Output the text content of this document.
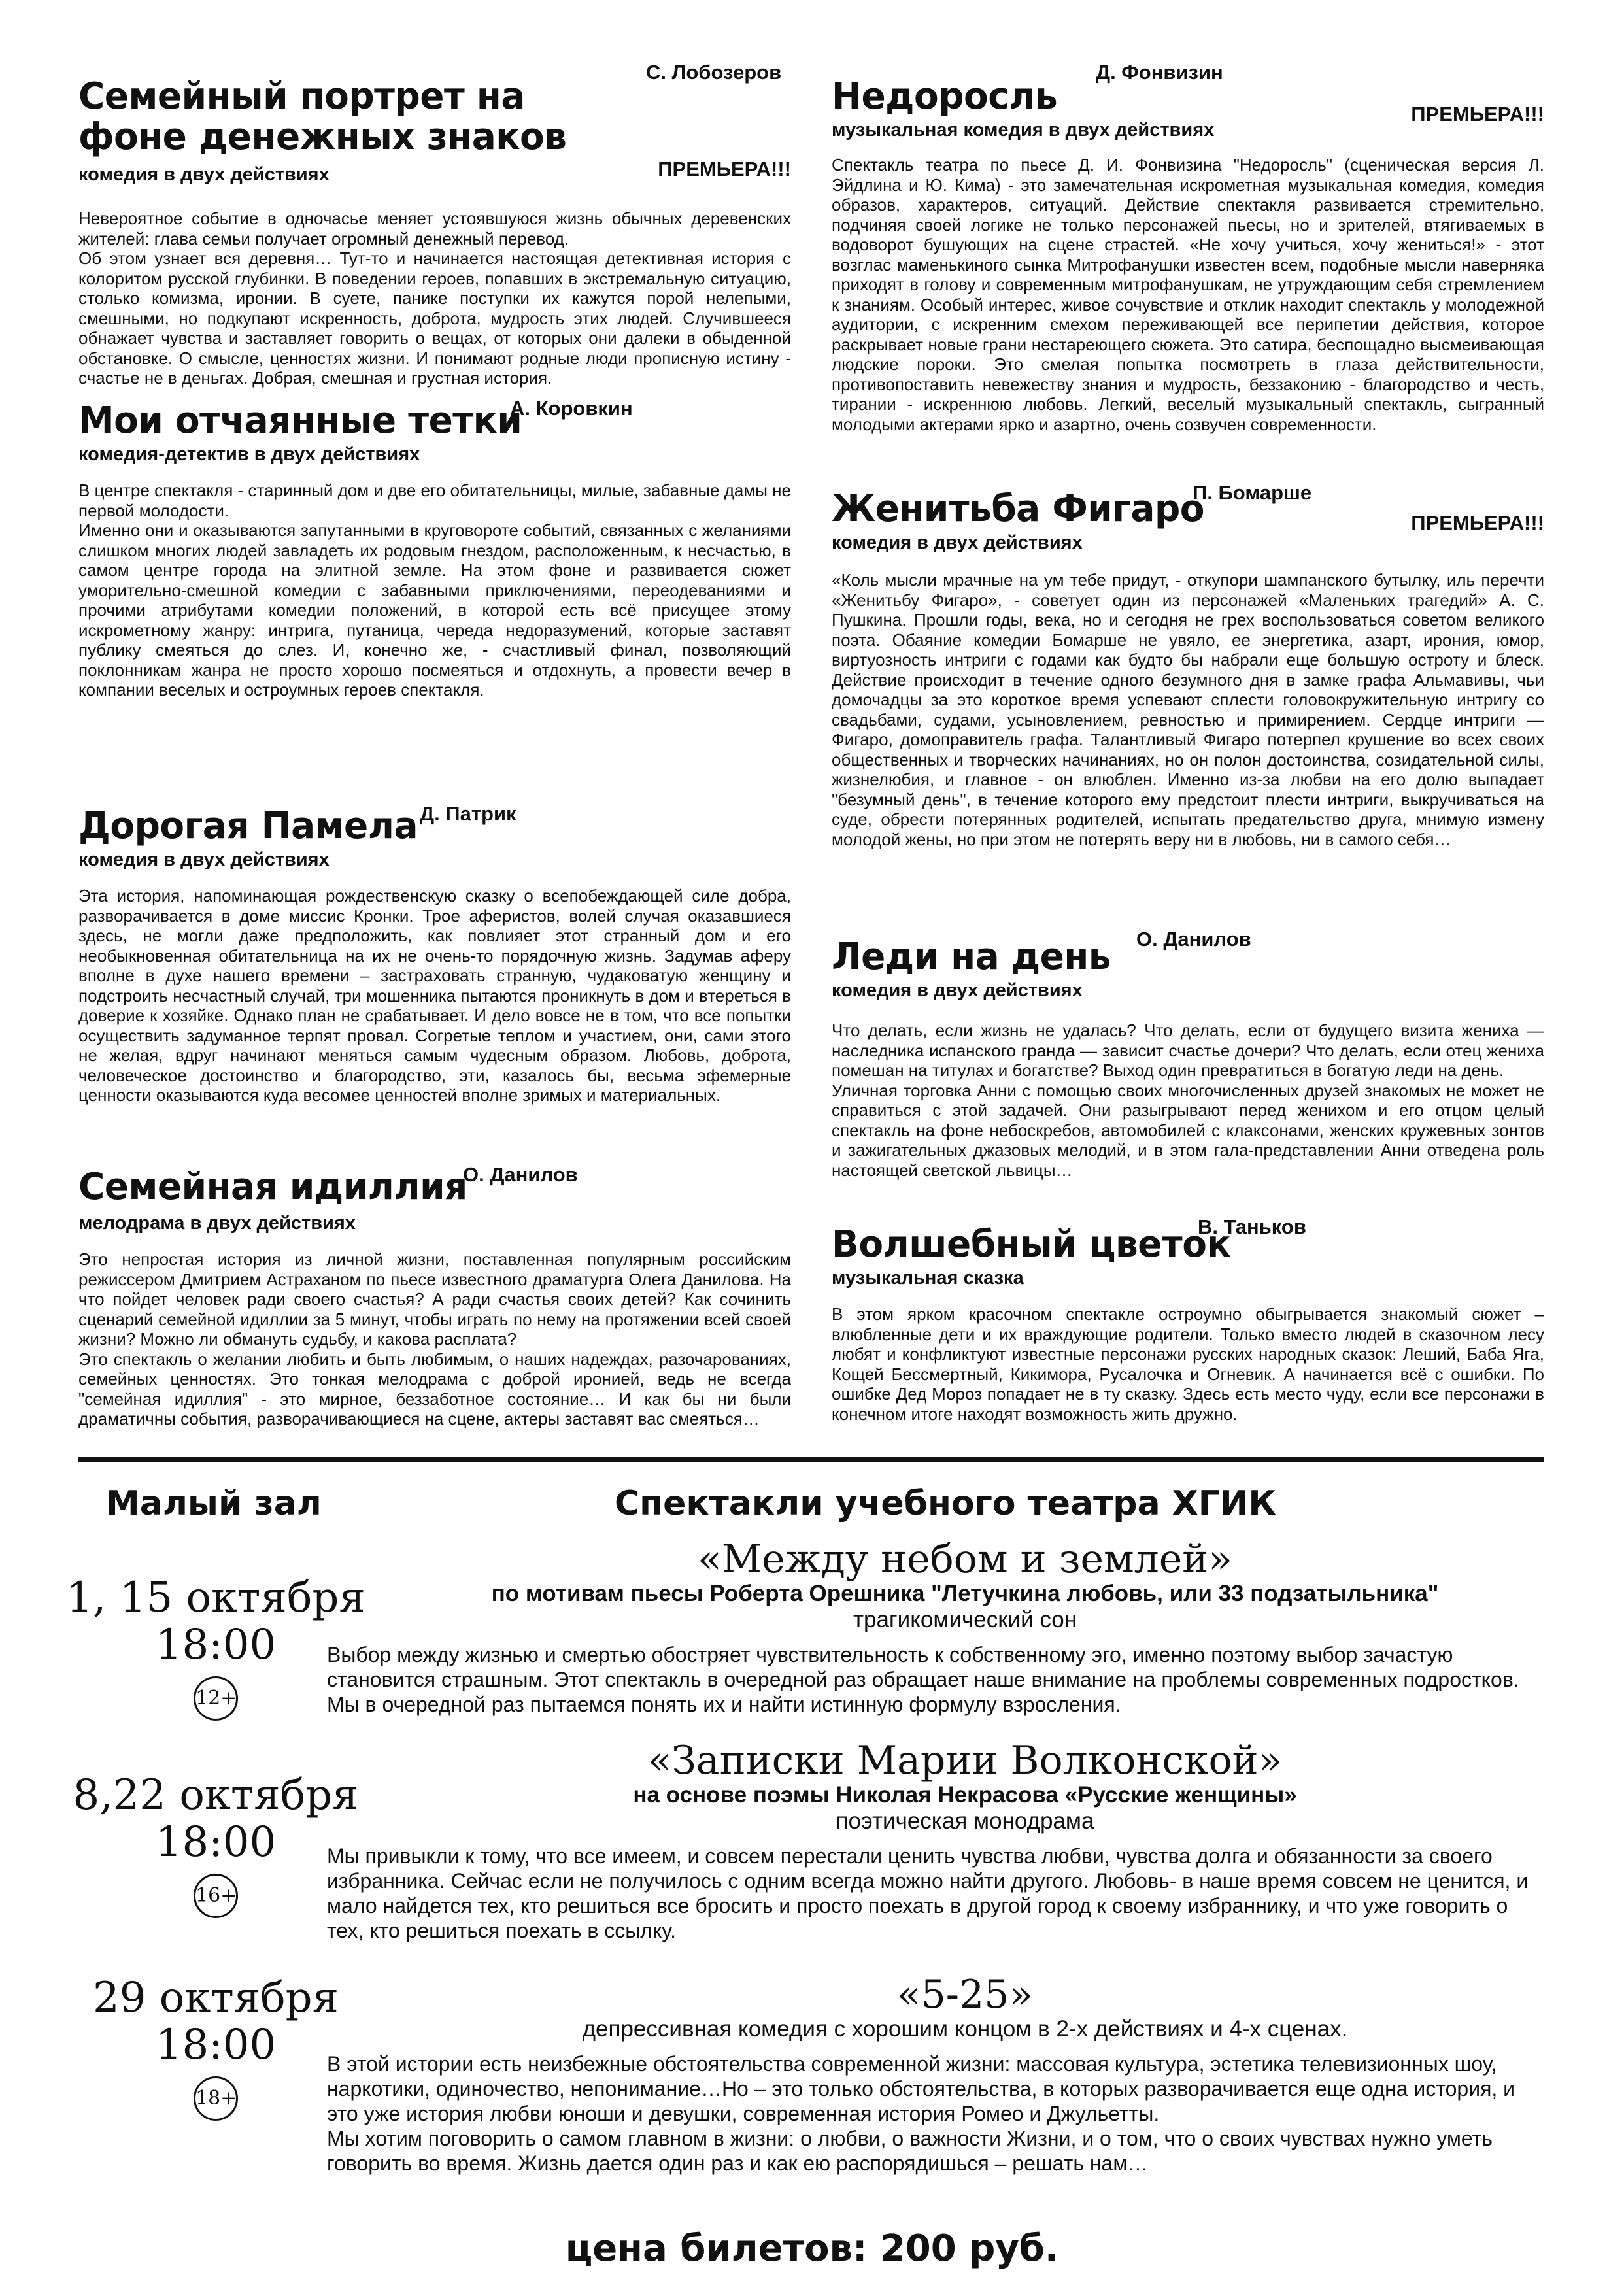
С. Лобозеров
Семейный портрет на фоне денежных знаков
комедия в двух действиях	ПРЕМЬЕРА!!!

Невероятное событие в одночасье меняет устоявшуюся жизнь обычных деревенских жителей: глава семьи получает огромный денежный перевод.

Об этом узнает вся деревня… Тут-то и начинается настоящая детективная история с колоритом русской глубинки. В поведении героев, попавших в экстремальную ситуацию, столько комизма, иронии. В суете, панике поступки их кажутся порой нелепыми, смешными, но подкупают искренность, доброта, мудрость этих людей. Случившееся обнажает чувства и заставляет говорить о вещах, от которых они далеки в обыденной обстановке. О смысле, ценностях жизни. И понимают родные люди прописную истину - счастье не в деньгах. Добрая, смешная и грустная история.

А. Коровкин
Мои отчаянные тетки
комедия-детектив в двух действиях

В центре спектакля - старинный дом и две его обитательницы, милые, забавные дамы не первой молодости.

Именно они и оказываются запутанными в круговороте событий, связанных с желаниями слишком многих людей завладеть их родовым гнездом, расположенным, к несчастью, в самом центре города на элитной земле. На этом фоне и развивается сюжет уморительно-смешной комедии с забавными приключениями, переодеваниями и прочими атрибутами комедии положений, в которой есть всё присущее этому искрометному жанру: интрига, путаница, череда недоразумений, которые заставят публику смеяться до слез. И, конечно же, - счастливый финал, позволяющий поклонникам жанра не просто хорошо посмеяться и отдохнуть, а провести вечер в компании веселых и остроумных героев спектакля.

Д. Патрик
Дорогая Памела
комедия в двух действиях

Эта история, напоминающая рождественскую сказку о всепобеждающей силе добра, разворачивается в доме миссис Кронки. Трое аферистов, волей случая оказавшиеся здесь, не могли даже предположить, как повлияет этот странный дом и его необыкновенная обитательница на их не очень-то порядочную жизнь. Задумав аферу вполне в духе нашего времени – застраховать странную, чудаковатую женщину и подстроить несчастный случай, три мошенника пытаются проникнуть в дом и втереться в доверие к хозяйке. Однако план не срабатывает. И дело вовсе не в том, что все попытки осуществить задуманное терпят провал. Согретые теплом и участием, они, сами этого не желая, вдруг начинают меняться самым чудесным образом. Любовь, доброта, человеческое достоинство и благородство, эти, казалось бы, весьма эфемерные ценности оказываются куда весомее ценностей вполне зримых и материальных.

О. Данилов
Семейная идиллия
мелодрама в двух действиях

Это непростая история из личной жизни, поставленная популярным российским режиссером Дмитрием Астраханом по пьесе известного драматурга Олега Данилова. На что пойдет человек ради своего счастья? А ради счастья своих детей? Как сочинить сценарий семейной идиллии за 5 минут, чтобы играть по нему на протяжении всей своей жизни? Можно ли обмануть судьбу, и какова расплата?

Это спектакль о желании любить и быть любимым, о наших надеждах, разочарованиях, семейных ценностях. Это тонкая мелодрама с доброй иронией, ведь не всегда "семейная идиллия" - это мирное, беззаботное состояние… И как бы ни были драматичны события, разворачивающиеся на сцене, актеры заставят вас смеяться…

Д. Фонвизин
Недоросль
музыкальная комедия в двух действиях
ПРЕМЬЕРА!!!

Спектакль театра по пьесе Д. И. Фонвизина "Недоросль" (сценическая версия Л. Эйдлина и Ю. Кима) - это замечательная искрометная музыкальная комедия, комедия образов, характеров, ситуаций. Действие спектакля развивается стремительно, подчиняя своей логике не только персонажей пьесы, но и зрителей, втягиваемых в водоворот бушующих на сцене страстей. «Не хочу учиться, хочу жениться!» - этот возглас маменькиного сынка Митрофанушки известен всем, подобные мысли наверняка приходят в голову и современным митрофанушкам, не утруждающим себя стремлением к знаниям. Особый интерес, живое сочувствие и отклик находит спектакль у молодежной аудитории, с искренним смехом переживающей все перипетии действия, которое раскрывает новые грани нестареющего сюжета. Это сатира, беспощадно высмеивающая людские пороки. Это смелая попытка посмотреть в глаза действительности, противопоставить невежеству знания и мудрость, беззаконию - благородство и честь, тирании - искреннюю любовь. Легкий, веселый музыкальный спектакль, сыгранный молодыми актерами ярко и азартно, очень созвучен современности.

П. Бомарше
Женитьба Фигаро
комедия в двух действиях
ПРЕМЬЕРА!!!

«Коль мысли мрачные на ум тебе придут, - откупори шампанского бутылку, иль перечти «Женитьбу Фигаро», - советует один из персонажей «Маленьких трагедий» А. С. Пушкина. Прошли годы, века, но и сегодня не грех воспользоваться советом великого поэта. Обаяние комедии Бомарше не увяло, ее энергетика, азарт, ирония, юмор, виртуозность интриги с годами как будто бы набрали еще большую остроту и блеск. Действие происходит в течение одного безумного дня в замке графа Альмавивы, чьи домочадцы за это короткое время успевают сплести головокружительную интригу со свадьбами, судами, усыновлением, ревностью и примирением. Сердце интриги — Фигаро, домоправитель графа. Талантливый Фигаро потерпел крушение во всех своих общественных и творческих начинаниях, но он полон достоинства, созидательной силы, жизнелюбия, и главное - он влюблен. Именно из-за любви на его долю выпадает "безумный день", в течение которого ему предстоит плести интриги, выкручиваться на суде, обрести потерянных родителей, испытать предательство друга, мнимую измену молодой жены, но при этом не потерять веру ни в любовь, ни в самого себя…

О. Данилов
Леди на день
комедия в двух действиях

Что делать, если жизнь не удалась? Что делать, если от будущего визита жениха — наследника испанского гранда — зависит счастье дочери? Что делать, если отец жениха помешан на титулах и богатстве? Выход один превратиться в богатую леди на день.

Уличная торговка Анни с помощью своих многочисленных друзей знакомых не может не справиться с этой задачей. Они разыгрывают перед женихом и его отцом целый спектакль на фоне небоскребов, автомобилей с клаксонами, женских кружевных зонтов и зажигательных джазовых мелодий, и в этом гала-представлении Анни отведена роль настоящей светской львицы…

В. Таньков
Волшебный цветок
музыкальная сказка

В этом ярком красочном спектакле остроумно обыгрывается знакомый сюжет – влюбленные дети и их враждующие родители. Только вместо людей в сказочном лесу любят и конфликтуют известные персонажи русских народных сказок: Леший, Баба Яга, Кощей Бессмертный, Кикимора, Русалочка и Огневик. А начинается всё с ошибки. По ошибке Дед Мороз попадает не в ту сказку. Здесь есть место чуду, если все персонажи в конечном итоге находят возможность жить дружно.

Малый зал	Спектакли учебного театра ХГИК
1, 15 октября
18:00
12+
«Между небом и землей»
по мотивам пьесы Роберта Орешника "Летучкина любовь, или 33 подзатыльника"
трагикомический сон

Выбор между жизнью и смертью обостряет чувствительность к собственному эго, именно поэтому выбор зачастую становится страшным. Этот спектакль в очередной раз обращает наше внимание на проблемы современных подростков. Мы в очередной раз пытаемся понять их и найти истинную формулу взросления.

8,22 октября
18:00
16+
«Записки Марии Волконской»
на основе поэмы Николая Некрасова «Русские женщины»
поэтическая монодрама

Мы привыкли к тому, что все имеем, и совсем перестали ценить чувства любви, чувства долга и обязанности за своего избранника. Сейчас если не получилось с одним всегда можно найти другого. Любовь- в наше время совсем не ценится, и мало найдется тех, кто решиться все бросить и просто поехать в другой город к своему избраннику, и что уже говорить о тех, кто решиться поехать в ссылку.

29 октября
18:00
18+
«5-25»
депрессивная комедия с хорошим концом в 2-х действиях и 4-х сценах.

В этой истории есть неизбежные обстоятельства современной жизни: массовая культура, эстетика телевизионных шоу, наркотики, одиночество, непонимание…Но – это только обстоятельства, в которых разворачивается еще одна история, и это уже история любви юноши и девушки, современная история Ромео и Джульетты.

Мы хотим поговорить о самом главном в жизни: о любви, о важности Жизни, и о том, что о своих чувствах нужно уметь говорить во время. Жизнь дается один раз и как ею распорядишься – решать нам…

цена билетов: 200 руб.
